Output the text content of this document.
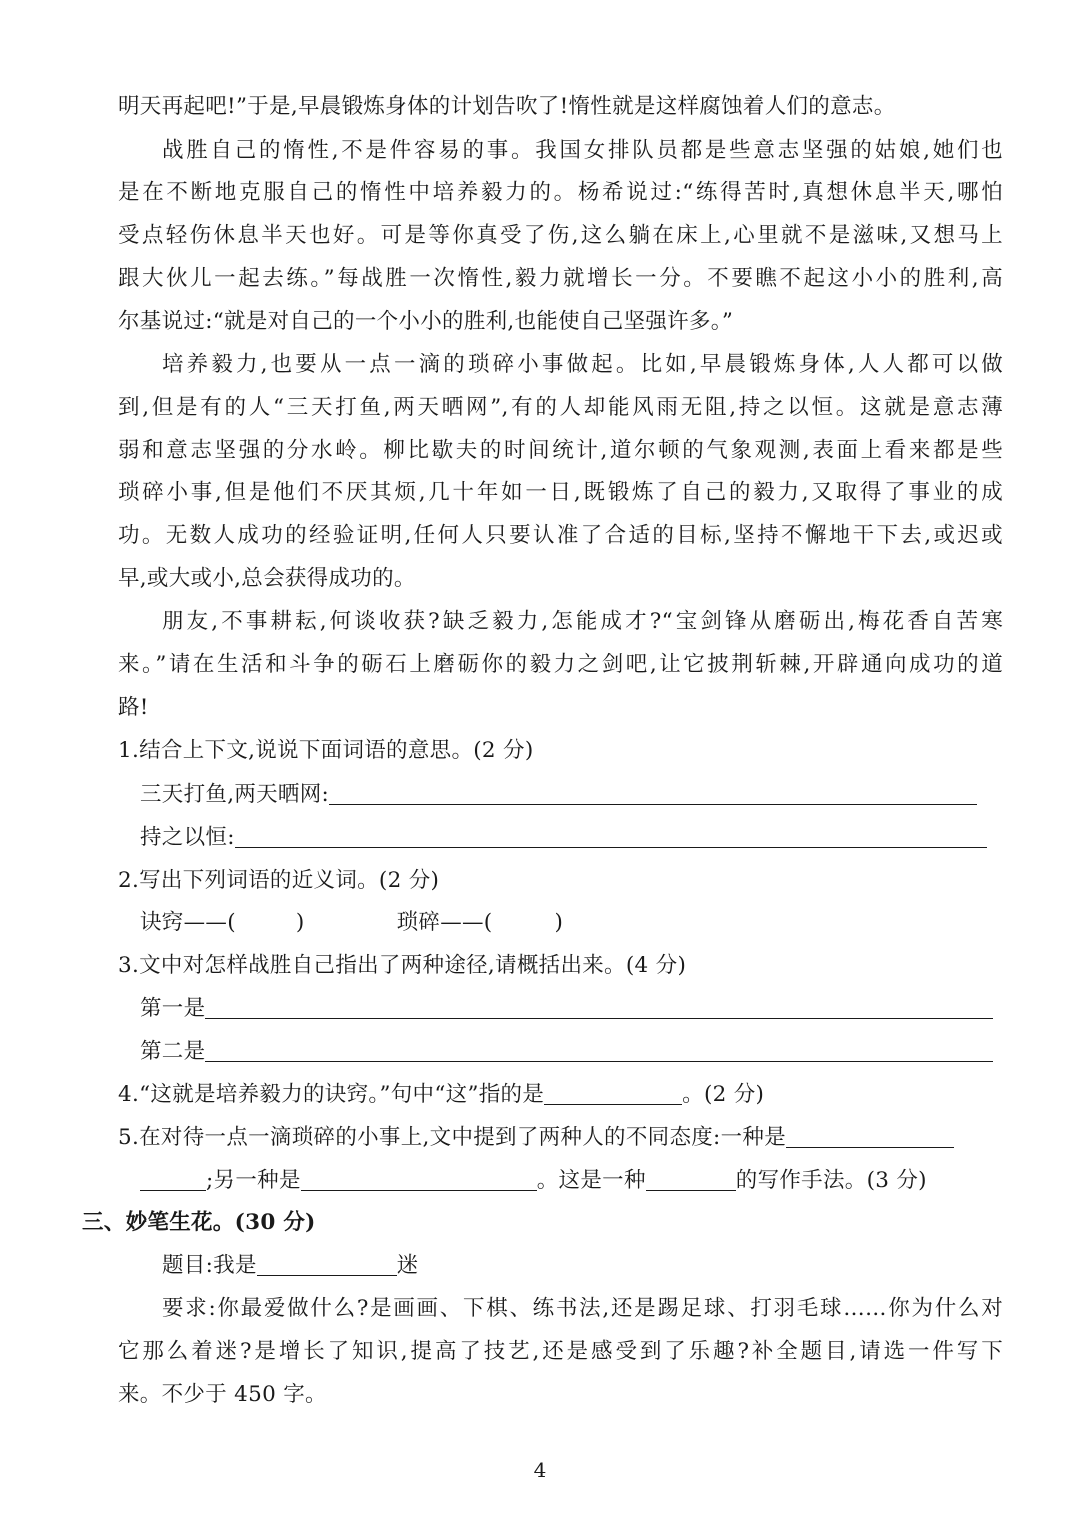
明天再起吧!”于是,早晨锻炼身体的计划告吹了!惰性就是这样腐蚀着人们的意志。
战胜自己的惰性,不是件容易的事。我国女排队员都是些意志坚强的姑娘,她们也
是在不断地克服自己的惰性中培养毅力的。杨希说过:“练得苦时,真想休息半天,哪怕
受点轻伤休息半天也好。可是等你真受了伤,这么躺在床上,心里就不是滋味,又想马上
跟大伙儿一起去练。”每战胜一次惰性,毅力就增长一分。不要瞧不起这小小的胜利,高
尔基说过:“就是对自己的一个小小的胜利,也能使自己坚强许多。”
培养毅力,也要从一点一滴的琐碎小事做起。比如,早晨锻炼身体,人人都可以做
到,但是有的人“三天打鱼,两天晒网”,有的人却能风雨无阻,持之以恒。这就是意志薄
弱和意志坚强的分水岭。柳比歇夫的时间统计,道尔顿的气象观测,表面上看来都是些
琐碎小事,但是他们不厌其烦,几十年如一日,既锻炼了自己的毅力,又取得了事业的成
功。无数人成功的经验证明,任何人只要认准了合适的目标,坚持不懈地干下去,或迟或
早,或大或小,总会获得成功的。
朋友,不事耕耘,何谈收获?缺乏毅力,怎能成才?“宝剑锋从磨砺出,梅花香自苦寒
来。”请在生活和斗争的砺石上磨砺你的毅力之剑吧,让它披荆斩棘,开辟通向成功的道
路!
1.结合上下文,说说下面词语的意思。(2 分)
三天打鱼,两天晒网:
持之以恒:
2.写出下列词语的近义词。(2 分)
诀窍——(	)	琐碎——(	)
3.文中对怎样战胜自己指出了两种途径,请概括出来。(4 分)
第一是
第二是
4.“这就是培养毅力的诀窍。”句中“这”指的是	。(2 分)
5.在对待一点一滴琐碎的小事上,文中提到了两种人的不同态度:一种是
;另一种是	。这是一种	的写作手法。(3 分)
三、妙笔生花。(30 分)
题目:我是	迷
要求:你最爱做什么?是画画、下棋、练书法,还是踢足球、打羽毛球……你为什么对
它那么着迷?是增长了知识,提高了技艺,还是感受到了乐趣?补全题目,请选一件写下
来。不少于 450 字。
4
